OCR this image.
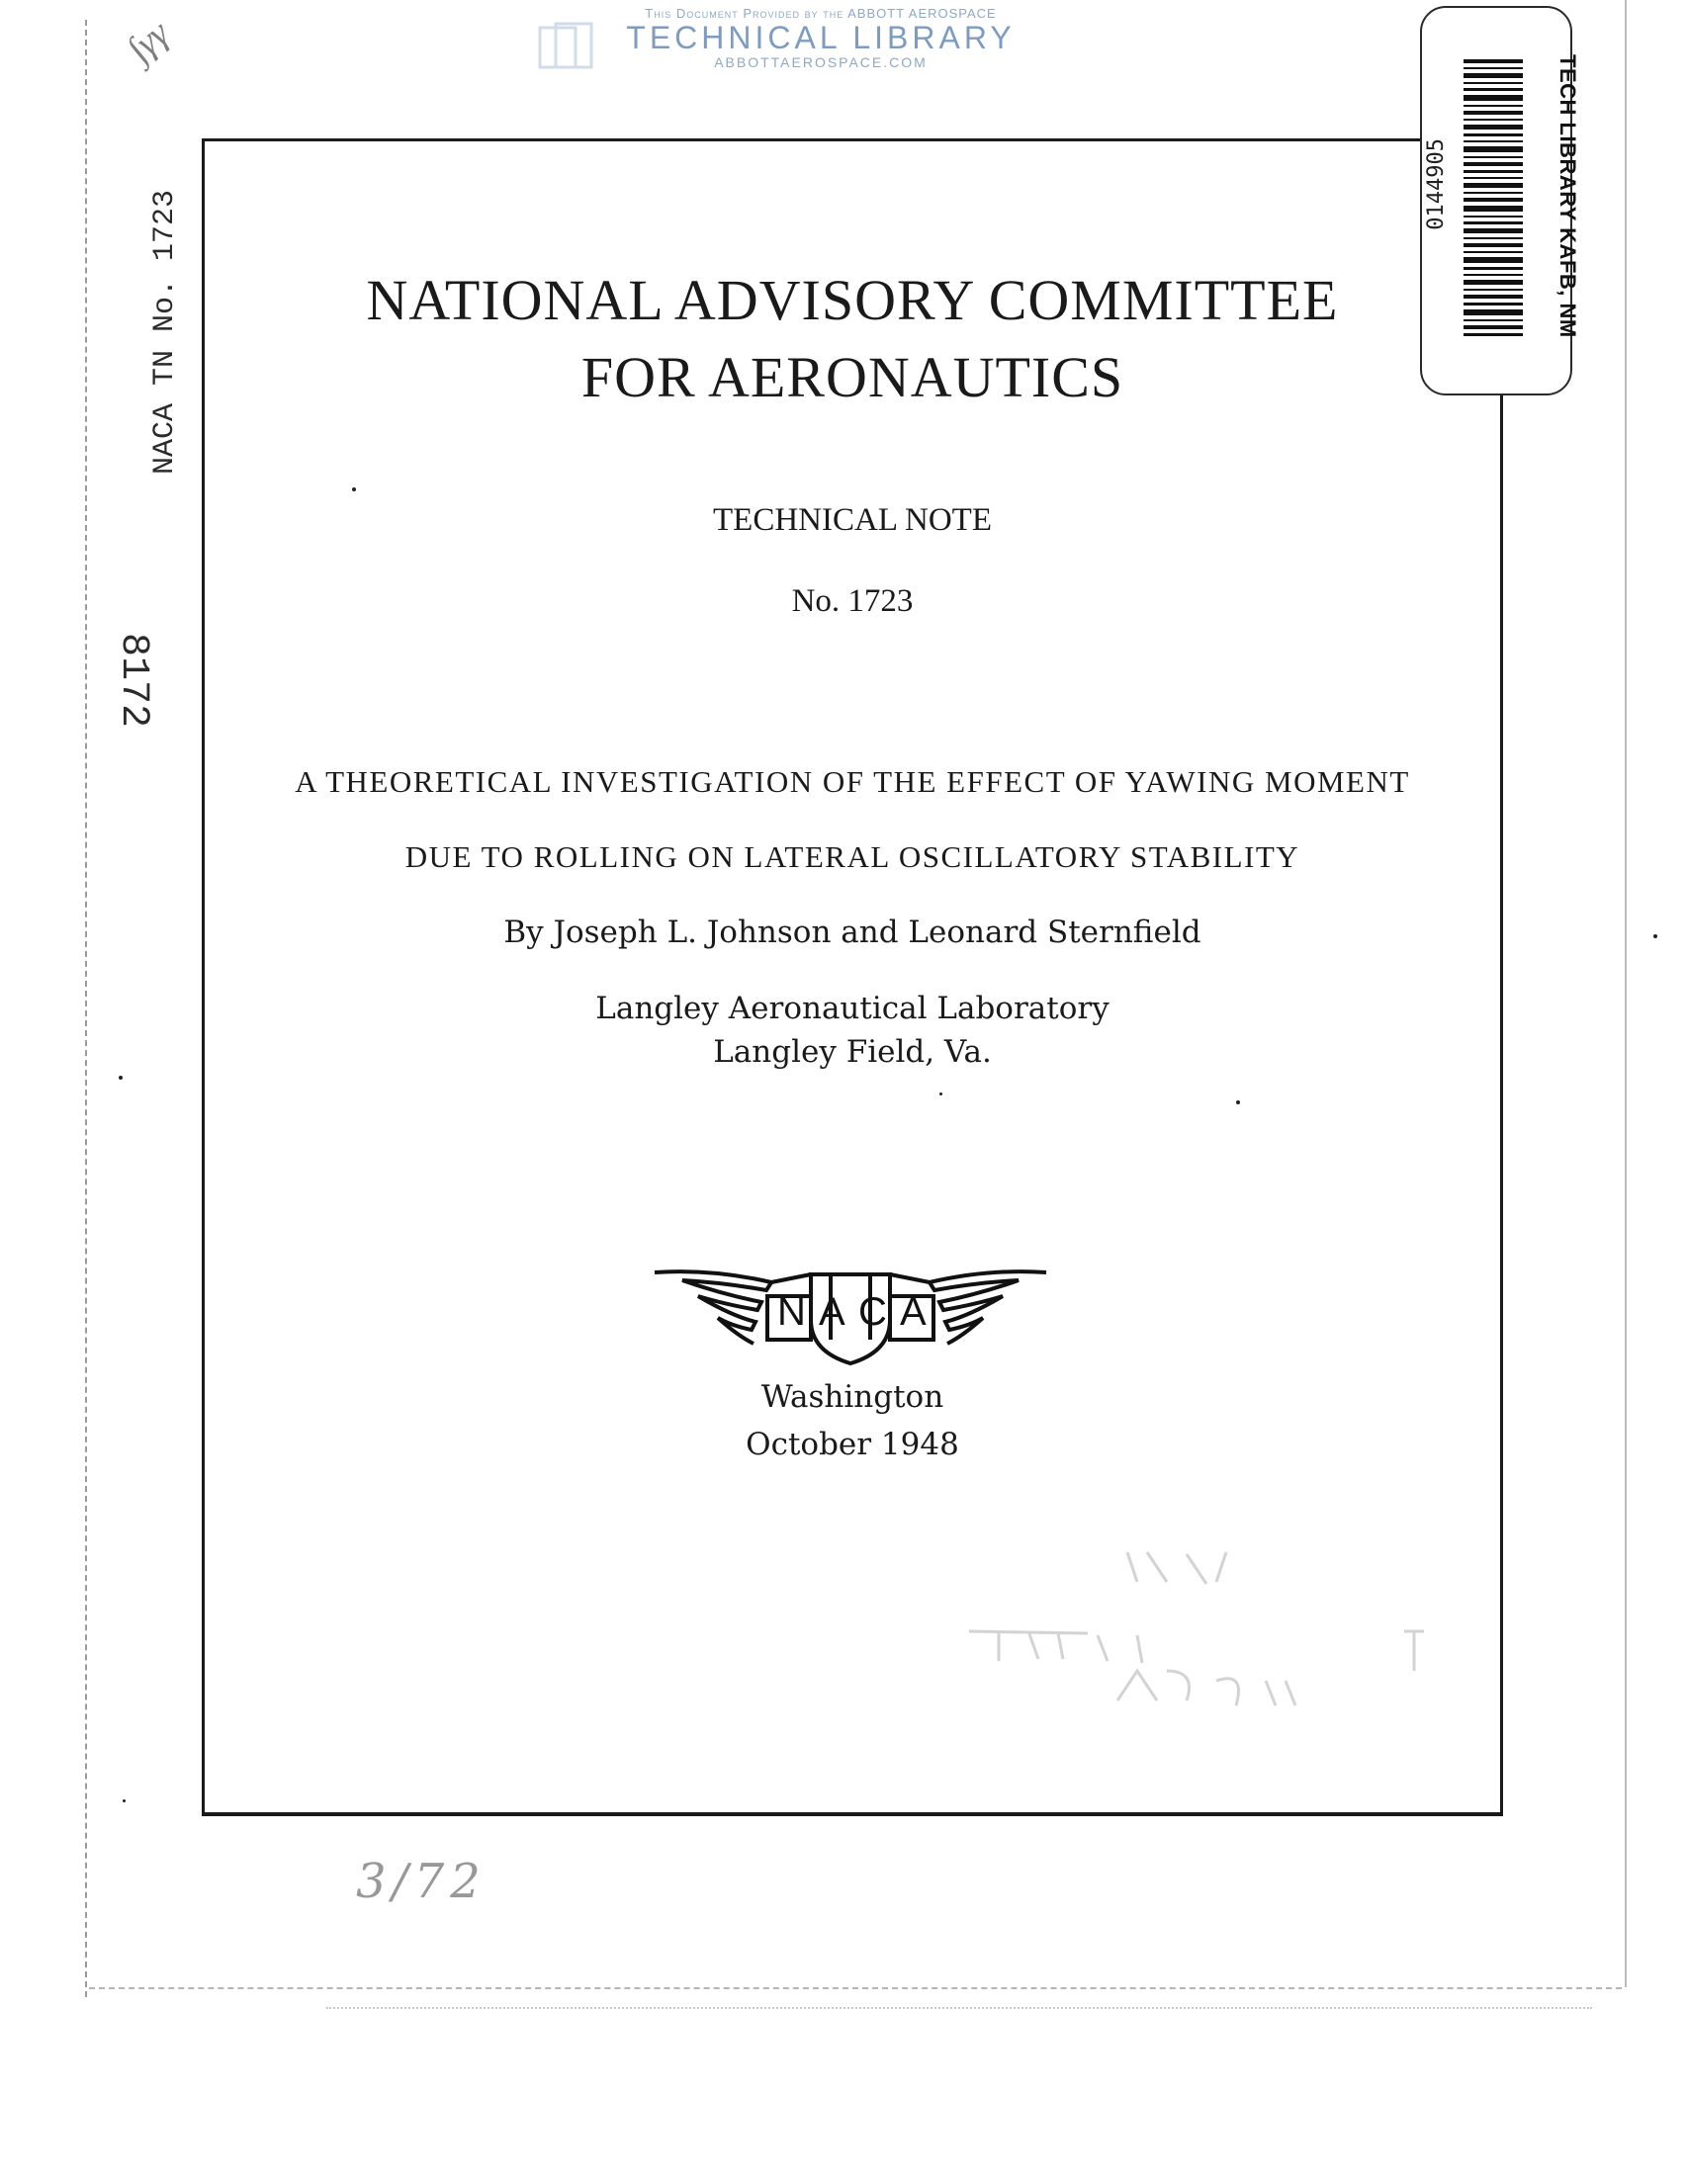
∫γγ	This Document Provided by the ABBOTT AEROSPACE
TECHNICAL LIBRARY
ABBOTTAEROSPACE.COM
NACA TN No. 1723
8172
TECH LIBRARY KAFB, NM
0144905
NATIONAL ADVISORY COMMITTEE
FOR AERONAUTICS
TECHNICAL NOTE
No. 1723
A THEORETICAL INVESTIGATION OF THE EFFECT OF YAWING MOMENT
DUE TO ROLLING ON LATERAL OSCILLATORY STABILITY
By Joseph L. Johnson and Leonard Sternfield
Langley Aeronautical Laboratory
Langley Field, Va.
N A C A
Washington
October 1948
3/72
